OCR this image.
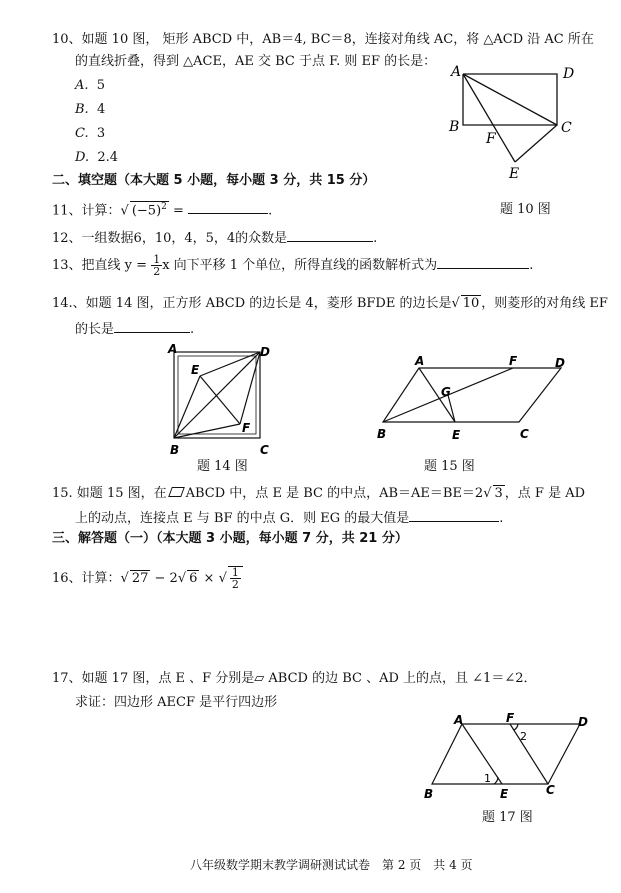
10、如题 10 图， 矩形 ABCD 中，AB＝4, BC＝8，连接对角线 AC，将 △ACD 沿 AC 所在
的直线折叠，得到 △ACE，AE 交 BC 于点 F. 则 EF 的长是：
A. 5
B. 4
C. 3
D. 2.4
A	D
B	C
F
E
题 10 图
二、填空题（本大题 5 小题，每小题 3 分，共 15 分）
11、计算：√ $(-5)^2$ =	.
12、一组数据6，10，4，5，4的众数是	.
13、把直线 $y = \frac{1}{2}$ x 向下平移 1 个单位，所得直线的函数解析式为	.
14.、如题 14 图，正方形 ABCD 的边长是 4，菱形 BFDE 的边长是√ 10 ，则菱形的对角线 EF
的长是	.
A	D
E
F
B	C
题 14 图
A	F	D
G
B	E	C
题 15 图
15. 如题 15 图，在 ABCD 中，点 E 是 BC 的中点，AB＝AE＝BE＝2√ 3 ，点 F 是 AD
上的动点，连接点 E 与 BF 的中点 G．则 EG 的最大值是	.
三、解答题（一）（本大题 3 小题，每小题 7 分，共 21 分）
16、计算：√ 27 − 2√ 6 × √ $\frac{1}{2}$
17、如题 17 图，点 E 、F 分别是▱ ABCD 的边 BC 、AD 上的点，且 ∠1＝∠2．
求证：四边形 AECF 是平行四边形
A	F	D
2
1
B	E	C
题 17 图
八年级数学期末教学调研测试试卷　第 2 页　共 4 页
